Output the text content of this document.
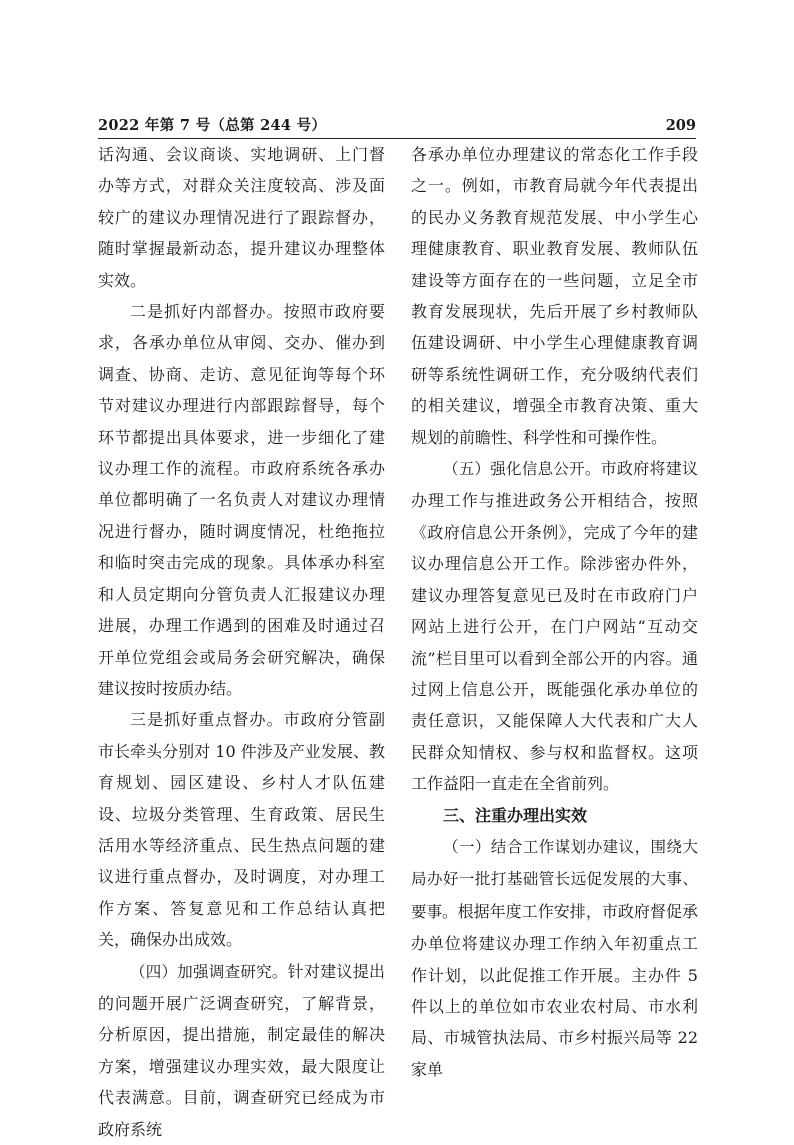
2022 年第 7 号（总第 244 号）	209

话沟通、会议商谈、实地调研、上门督办等方式，对群众关注度较高、涉及面较广的建议办理情况进行了跟踪督办，随时掌握最新动态，提升建议办理整体实效。

二是抓好内部督办。按照市政府要求，各承办单位从审阅、交办、催办到调查、协商、走访、意见征询等每个环节对建议办理进行内部跟踪督导，每个环节都提出具体要求，进一步细化了建议办理工作的流程。市政府系统各承办单位都明确了一名负责人对建议办理情况进行督办，随时调度情况，杜绝拖拉和临时突击完成的现象。具体承办科室和人员定期向分管负责人汇报建议办理进展，办理工作遇到的困难及时通过召开单位党组会或局务会研究解决，确保建议按时按质办结。

三是抓好重点督办。市政府分管副市长牵头分别对 10 件涉及产业发展、教育规划、园区建设、乡村人才队伍建设、垃圾分类管理、生育政策、居民生活用水等经济重点、民生热点问题的建议进行重点督办，及时调度，对办理工作方案、答复意见和工作总结认真把关，确保办出成效。

（四）加强调查研究。针对建议提出的问题开展广泛调查研究，了解背景，分析原因，提出措施，制定最佳的解决方案，增强建议办理实效，最大限度让代表满意。目前，调查研究已经成为市政府系统

各承办单位办理建议的常态化工作手段之一。例如，市教育局就今年代表提出的民办义务教育规范发展、中小学生心理健康教育、职业教育发展、教师队伍建设等方面存在的一些问题，立足全市教育发展现状，先后开展了乡村教师队伍建设调研、中小学生心理健康教育调研等系统性调研工作，充分吸纳代表们的相关建议，增强全市教育决策、重大规划的前瞻性、科学性和可操作性。

（五）强化信息公开。市政府将建议办理工作与推进政务公开相结合，按照《政府信息公开条例》，完成了今年的建议办理信息公开工作。除涉密办件外，建议办理答复意见已及时在市政府门户网站上进行公开，在门户网站“互动交流”栏目里可以看到全部公开的内容。通过网上信息公开，既能强化承办单位的责任意识，又能保障人大代表和广大人民群众知情权、参与权和监督权。这项工作益阳一直走在全省前列。

三、注重办理出实效

（一）结合工作谋划办建议，围绕大局办好一批打基础管长远促发展的大事、要事。根据年度工作安排，市政府督促承办单位将建议办理工作纳入年初重点工作计划，以此促推工作开展。主办件 5 件以上的单位如市农业农村局、市水利局、市城管执法局、市乡村振兴局等 22 家单
